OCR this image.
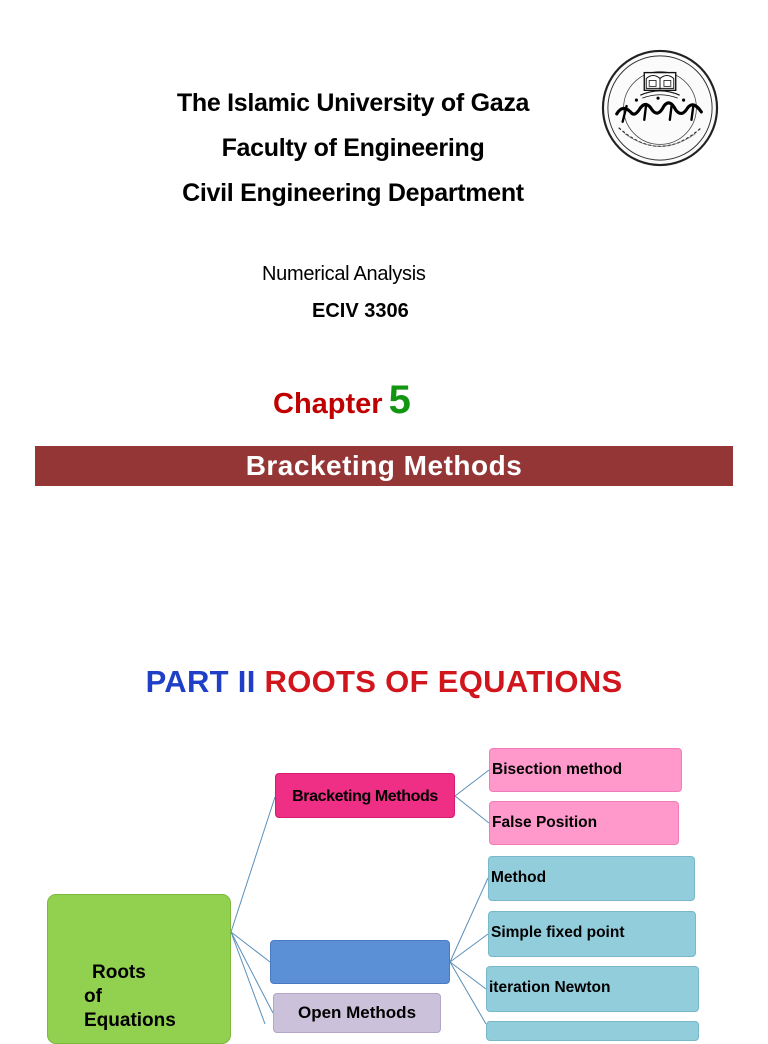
The Islamic University of Gaza
Faculty of Engineering
Civil Engineering Department
Numerical Analysis
ECIV 3306
Chapter 5
Bracketing Methods
PART II ROOTS OF EQUATIONS
Roots
of
Equations
Bracketing Methods
Open Methods
Bisection method
False Position
Method
Simple fixed point
iteration Newton
